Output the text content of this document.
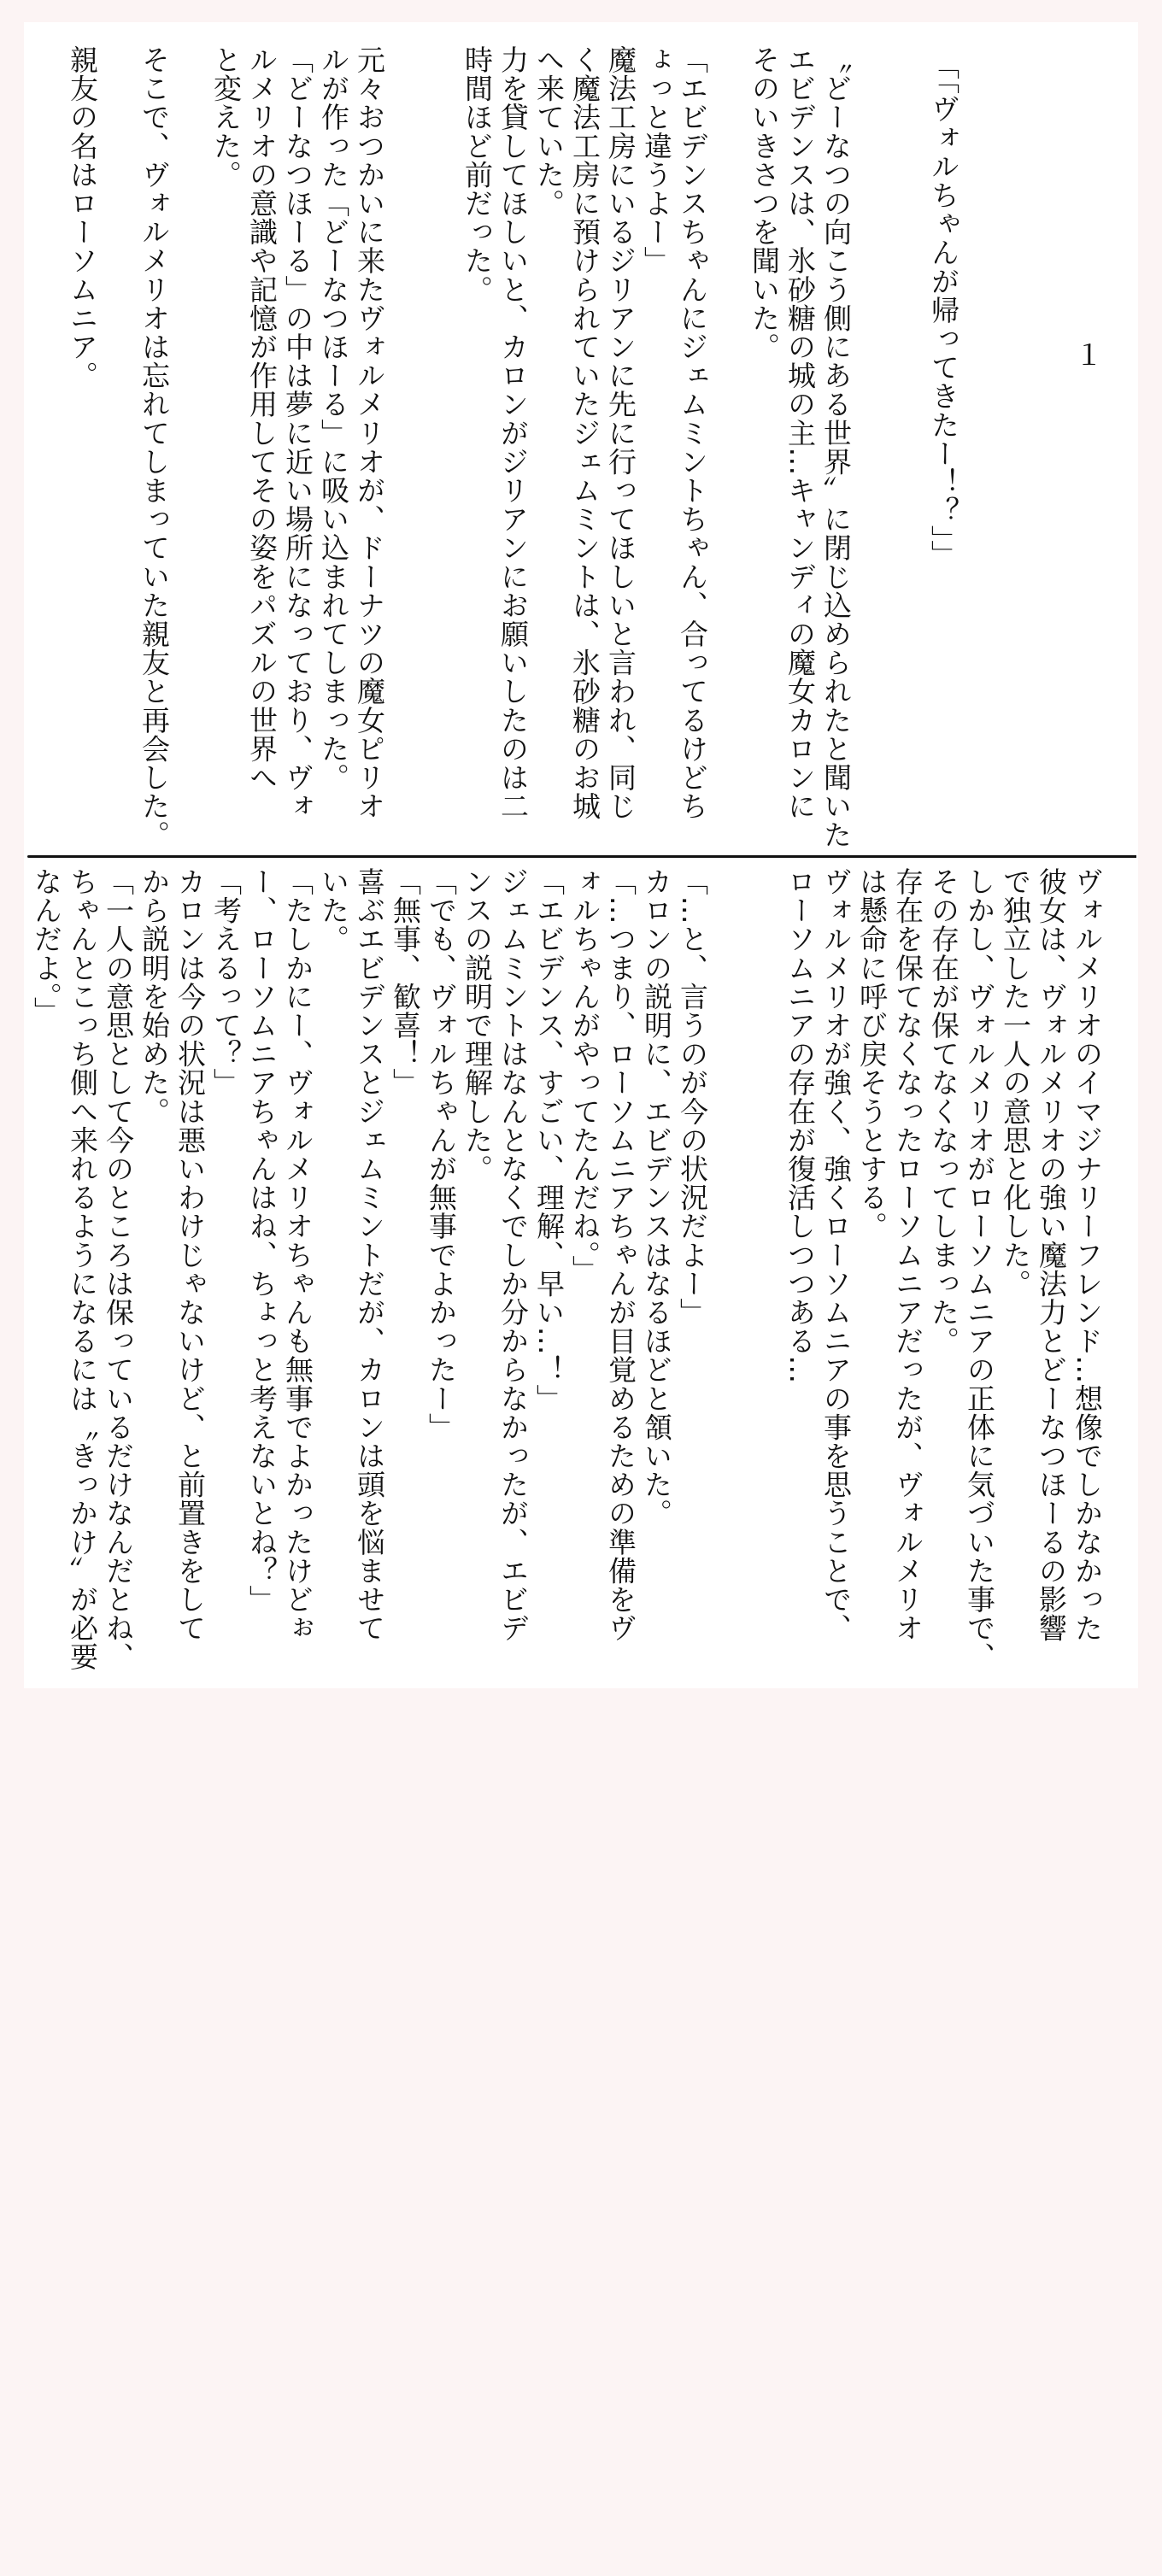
１
「「ヴォルちゃんが帰ってきたー！？」」
〝どーなつの向こう側にある世界〟に閉じ込められたと聞いた
エビデンスは、氷砂糖の城の主…キャンディの魔女カロンに
そのいきさつを聞いた。
「エビデンスちゃんにジェムミントちゃん、合ってるけどち
ょっと違うよー」
魔法工房にいるジリアンに先に行ってほしいと言われ、同じ
く魔法工房に預けられていたジェムミントは、氷砂糖のお城
へ来ていた。
力を貸してほしいと、カロンがジリアンにお願いしたのは二
時間ほど前だった。
元々おつかいに来たヴォルメリオが、ドーナツの魔女ピリオ
ルが作った「どーなつほーる」に吸い込まれてしまった。
「どーなつほーる」の中は夢に近い場所になっており、ヴォ
ルメリオの意識や記憶が作用してその姿をパズルの世界へ
と変えた。
そこで、ヴォルメリオは忘れてしまっていた親友と再会した。
親友の名はローソムニア。
ヴォルメリオのイマジナリーフレンド…想像でしかなかった
彼女は、ヴォルメリオの強い魔法力とどーなつほーるの影響
で独立した一人の意思と化した。
しかし、ヴォルメリオがローソムニアの正体に気づいた事で、
その存在が保てなくなってしまった。
存在を保てなくなったローソムニアだったが、ヴォルメリオ
は懸命に呼び戻そうとする。
ヴォルメリオが強く、強くローソムニアの事を思うことで、
ローソムニアの存在が復活しつつある…
「…と、言うのが今の状況だよー」
カロンの説明に、エビデンスはなるほどと頷いた。
「…つまり、ローソムニアちゃんが目覚めるための準備をヴ
ォルちゃんがやってたんだね。」
「エビデンス、すごい、理解、早い…！」
ジェムミントはなんとなくでしか分からなかったが、エビデ
ンスの説明で理解した。
「でも、ヴォルちゃんが無事でよかったー」
「無事、歓喜！」
喜ぶエビデンスとジェムミントだが、カロンは頭を悩ませて
いた。
「たしかにー、ヴォルメリオちゃんも無事でよかったけどぉ
ー、ローソムニアちゃんはね、ちょっと考えないとね？」
「考えるって？」
カロンは今の状況は悪いわけじゃないけど、と前置きをして
から説明を始めた。
「一人の意思として今のところは保っているだけなんだとね、
ちゃんとこっち側へ来れるようになるには〝きっかけ〟が必要
なんだよ。」
